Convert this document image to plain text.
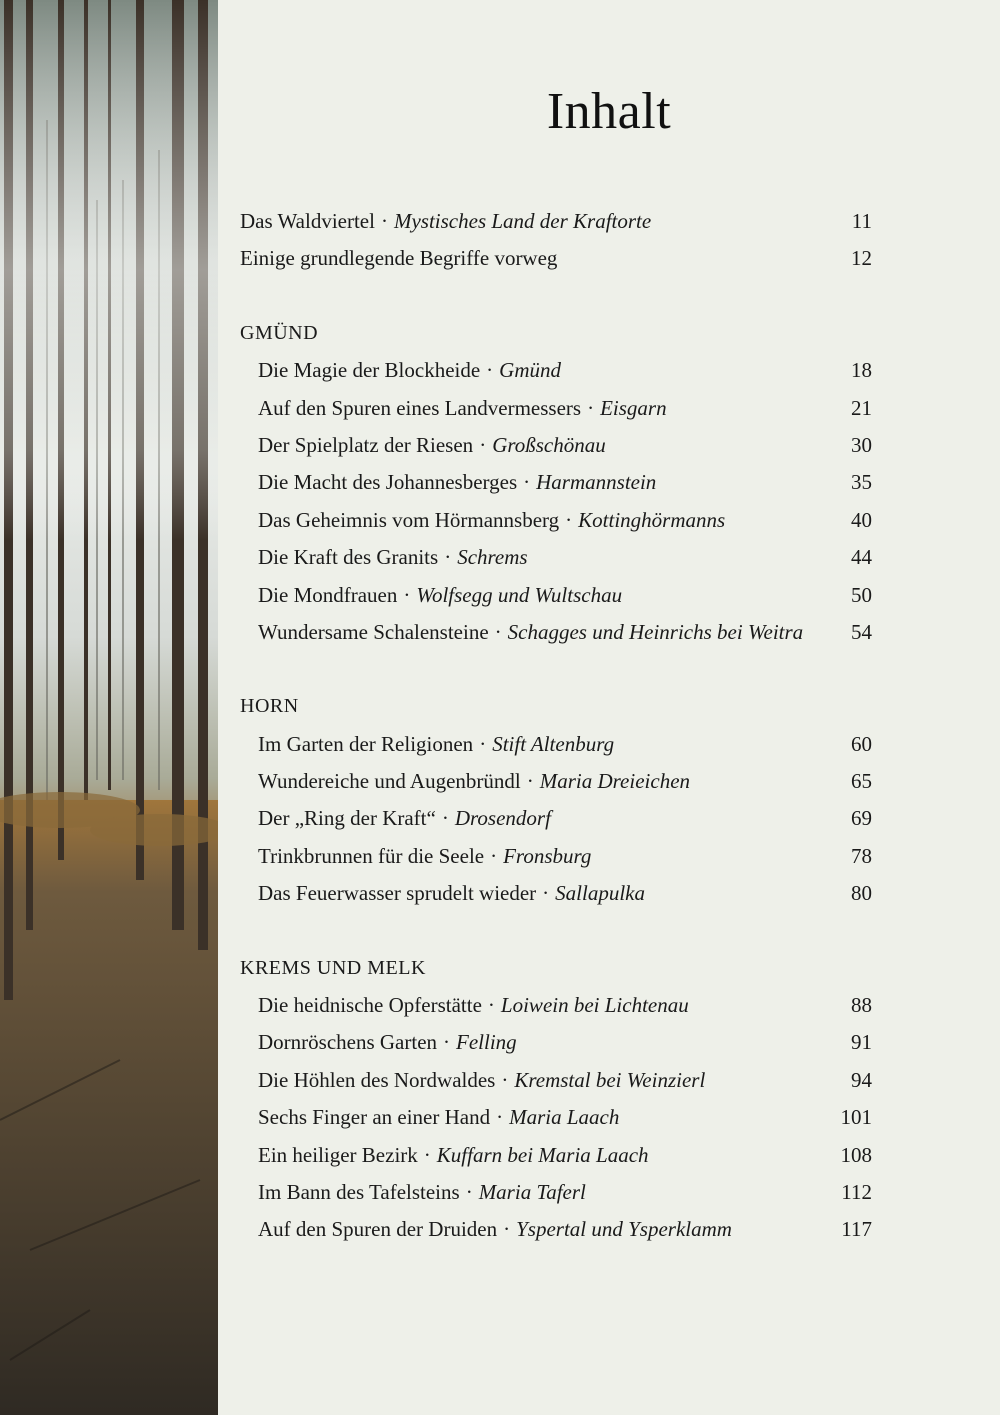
Inhalt
Das Waldviertel · Mystisches Land der Kraftorte	11
Einige grundlegende Begriffe vorweg	12
GMÜND
Die Magie der Blockheide · Gmünd	18
Auf den Spuren eines Landvermessers · Eisgarn	21
Der Spielplatz der Riesen · Großschönau	30
Die Macht des Johannesberges · Harmannstein	35
Das Geheimnis vom Hörmannsberg · Kottinghörmanns	40
Die Kraft des Granits · Schrems	44
Die Mondfrauen · Wolfsegg und Wultschau	50
Wundersame Schalensteine · Schagges und Heinrichs bei Weitra 54
HORN
Im Garten der Religionen · Stift Altenburg	60
Wundereiche und Augenbründl · Maria Dreieichen	65
Der „Ring der Kraft“ · Drosendorf	69
Trinkbrunnen für die Seele · Fronsburg	78
Das Feuerwasser sprudelt wieder · Sallapulka	80
KREMS UND MELK
Die heidnische Opferstätte · Loiwein bei Lichtenau	88
Dornröschens Garten · Felling	91
Die Höhlen des Nordwaldes · Kremstal bei Weinzierl	94
Sechs Finger an einer Hand · Maria Laach	101
Ein heiliger Bezirk · Kuffarn bei Maria Laach	108
Im Bann des Tafelsteins · Maria Taferl	112
Auf den Spuren der Druiden · Yspertal und Ysperklamm	117
